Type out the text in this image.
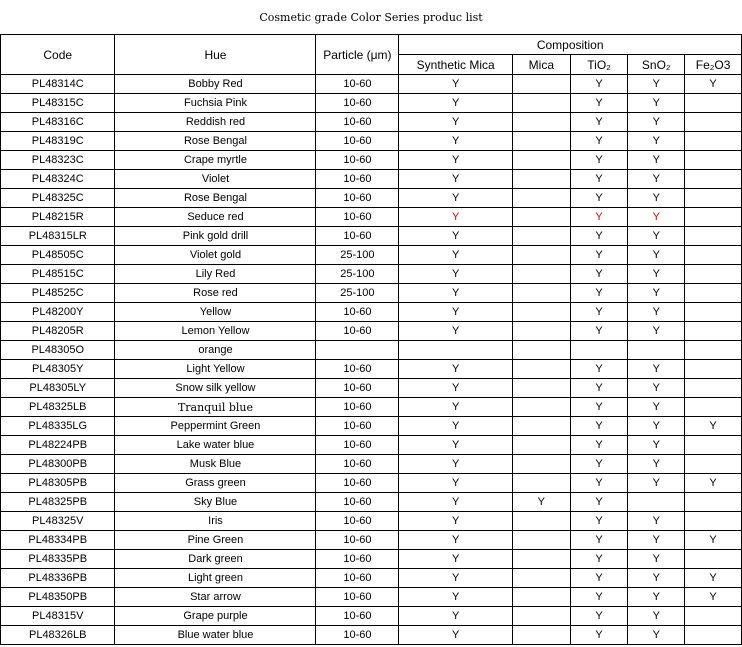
Cosmetic grade Color Series produc list
Code	Hue	Particle (μm)	Composition				
			Synthetic Mica	Mica	TiO₂	SnO₂	Fe₂O3
PL48314C	Bobby Red	10-60	Y		Y	Y	Y
PL48315C	Fuchsia Pink	10-60	Y		Y	Y	
PL48316C	Reddish red	10-60	Y		Y	Y	
PL48319C	Rose Bengal	10-60	Y		Y	Y	
PL48323C	Crape myrtle	10-60	Y		Y	Y	
PL48324C	Violet	10-60	Y		Y	Y	
PL48325C	Rose Bengal	10-60	Y		Y	Y	
PL48215R	Seduce red	10-60	Y		Y	Y	
PL48315LR	Pink gold drill	10-60	Y		Y	Y	
PL48505C	Violet gold	25-100	Y		Y	Y	
PL48515C	Lily Red	25-100	Y		Y	Y	
PL48525C	Rose red	25-100	Y		Y	Y	
PL48200Y	Yellow	10-60	Y		Y	Y	
PL48205R	Lemon Yellow	10-60	Y		Y	Y	
PL48305O	orange						
PL48305Y	Light Yellow	10-60	Y		Y	Y	
PL48305LY	Snow silk yellow	10-60	Y		Y	Y	
PL48325LB	Tranquil blue	10-60	Y		Y	Y	
PL48335LG	Peppermint Green	10-60	Y		Y	Y	Y
PL48224PB	Lake water blue	10-60	Y		Y	Y	
PL48300PB	Musk Blue	10-60	Y		Y	Y	
PL48305PB	Grass green	10-60	Y		Y	Y	Y
PL48325PB	Sky Blue	10-60	Y	Y	Y		
PL48325V	Iris	10-60	Y		Y	Y	
PL48334PB	Pine Green	10-60	Y		Y	Y	Y
PL48335PB	Dark green	10-60	Y		Y	Y	
PL48336PB	Light green	10-60	Y		Y	Y	Y
PL48350PB	Star arrow	10-60	Y		Y	Y	Y
PL48315V	Grape purple	10-60	Y		Y	Y	
PL48326LB	Blue water blue	10-60	Y		Y	Y	
